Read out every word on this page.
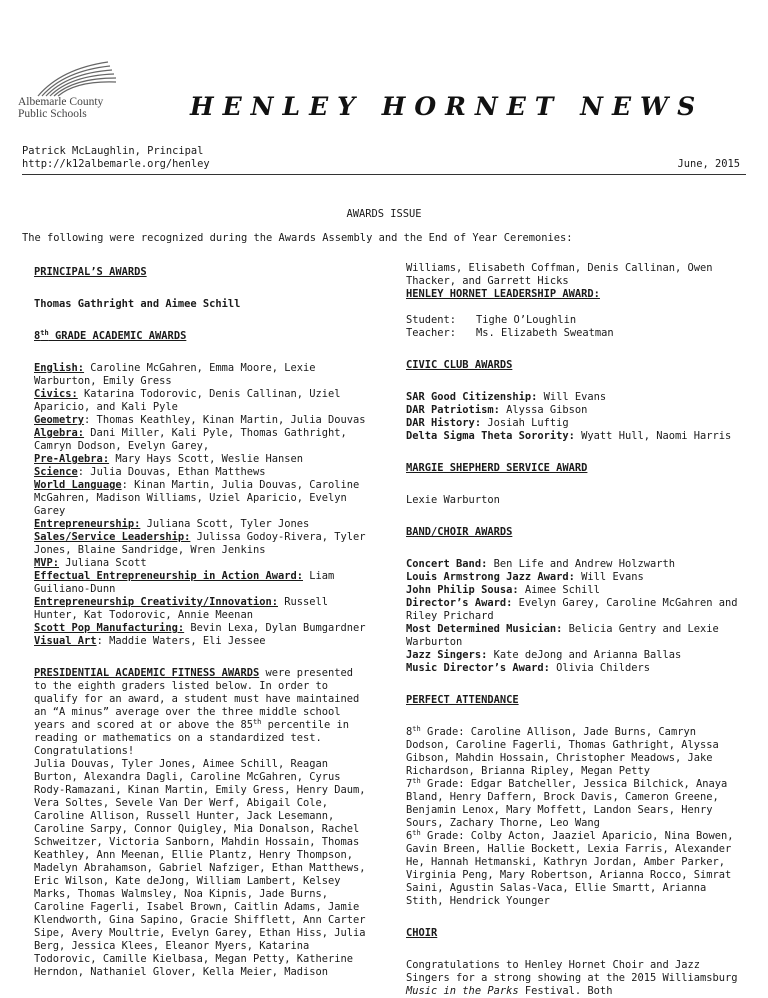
Albemarle County Public Schools	HENLEY HORNET NEWS
Patrick McLaughlin, Principal
http://k12albemarle.org/henley	June, 2015
AWARDS ISSUE
The following were recognized during the Awards Assembly and the End of Year Ceremonies:

PRINCIPAL’S AWARDS

Thomas Gathright and Aimee Schill

8th GRADE ACADEMIC AWARDS

English: Caroline McGahren, Emma Moore, Lexie Warburton, Emily Gress

Civics: Katarina Todorovic, Denis Callinan, Uziel Aparicio, and Kali Pyle

Geometry: Thomas Keathley, Kinan Martin, Julia Douvas

Algebra: Dani Miller, Kali Pyle, Thomas Gathright, Camryn Dodson, Evelyn Garey,

Pre-Algebra: Mary Hays Scott, Weslie Hansen

Science: Julia Douvas, Ethan Matthews

World Language: Kinan Martin, Julia Douvas, Caroline McGahren, Madison Williams, Uziel Aparicio, Evelyn Garey

Entrepreneurship: Juliana Scott, Tyler Jones

Sales/Service Leadership: Julissa Godoy-Rivera, Tyler Jones, Blaine Sandridge, Wren Jenkins

MVP: Juliana Scott

Effectual Entrepreneurship in Action Award: Liam Guiliano-Dunn

Entrepreneurship Creativity/Innovation: Russell Hunter, Kat Todorovic, Annie Meenan

Scott Pop Manufacturing: Bevin Lexa, Dylan Bumgardner

Visual Art: Maddie Waters, Eli Jessee

PRESIDENTIAL ACADEMIC FITNESS AWARDS were presented to the eighth graders listed below. In order to qualify for an award, a student must have maintained an “A minus” average over the three middle school years and scored at or above the 85th percentile in reading or mathematics on a standardized test. Congratulations!

Julia Douvas, Tyler Jones, Aimee Schill, Reagan Burton, Alexandra Dagli, Caroline McGahren, Cyrus Rody-Ramazani, Kinan Martin, Emily Gress, Henry Daum, Vera Soltes, Sevele Van Der Werf, Abigail Cole, Caroline Allison, Russell Hunter, Jack Lesemann, Caroline Sarpy, Connor Quigley, Mia Donalson, Rachel Schweitzer, Victoria Sanborn, Mahdin Hossain, Thomas Keathley, Ann Meenan, Ellie Plantz, Henry Thompson, Madelyn Abrahamson, Gabriel Nafziger, Ethan Matthews, Eric Wilson, Kate deJong, William Lambert, Kelsey Marks, Thomas Walmsley, Noa Kipnis, Jade Burns, Caroline Fagerli, Isabel Brown, Caitlin Adams, Jamie Klendworth, Gina Sapino, Gracie Shifflett, Ann Carter Sipe, Avery Moultrie, Evelyn Garey, Ethan Hiss, Julia Berg, Jessica Klees, Eleanor Myers, Katarina Todorovic, Camille Kielbasa, Megan Petty, Katherine Herndon, Nathaniel Glover, Kella Meier, Madison

Williams, Elisabeth Coffman, Denis Callinan, Owen Thacker, and Garrett Hicks

HENLEY HORNET LEADERSHIP AWARD:

Student:	Tighe O’Loughlin
Teacher:	Ms. Elizabeth Sweatman

CIVIC CLUB AWARDS

SAR Good Citizenship: Will Evans

DAR Patriotism: Alyssa Gibson

DAR History: Josiah Luftig

Delta Sigma Theta Sorority: Wyatt Hull, Naomi Harris

MARGIE SHEPHERD SERVICE AWARD

Lexie Warburton

BAND/CHOIR AWARDS

Concert Band: Ben Life and Andrew Holzwarth

Louis Armstrong Jazz Award: Will Evans

John Philip Sousa: Aimee Schill

Director’s Award: Evelyn Garey, Caroline McGahren and Riley Prichard

Most Determined Musician: Belicia Gentry and Lexie Warburton

Jazz Singers: Kate deJong and Arianna Ballas

Music Director’s Award: Olivia Childers

PERFECT ATTENDANCE

8th Grade: Caroline Allison, Jade Burns, Camryn Dodson, Caroline Fagerli, Thomas Gathright, Alyssa Gibson, Mahdin Hossain, Christopher Meadows, Jake Richardson, Brianna Ripley, Megan Petty

7th Grade: Edgar Batcheller, Jessica Bilchick, Anaya Bland, Henry Daffern, Brock Davis, Cameron Greene, Benjamin Lenox, Mary Moffett, Landon Sears, Henry Sours, Zachary Thorne, Leo Wang

6th Grade: Colby Acton, Jaaziel Aparicio, Nina Bowen, Gavin Breen, Hallie Bockett, Lexia Farris, Alexander He, Hannah Hetmanski, Kathryn Jordan, Amber Parker, Virginia Peng, Mary Robertson, Arianna Rocco, Simrat Saini, Agustin Salas-Vaca, Ellie Smartt, Arianna Stith, Hendrick Younger

CHOIR

Congratulations to Henley Hornet Choir and Jazz Singers for a strong showing at the 2015 Williamsburg Music in the Parks Festival. Both
